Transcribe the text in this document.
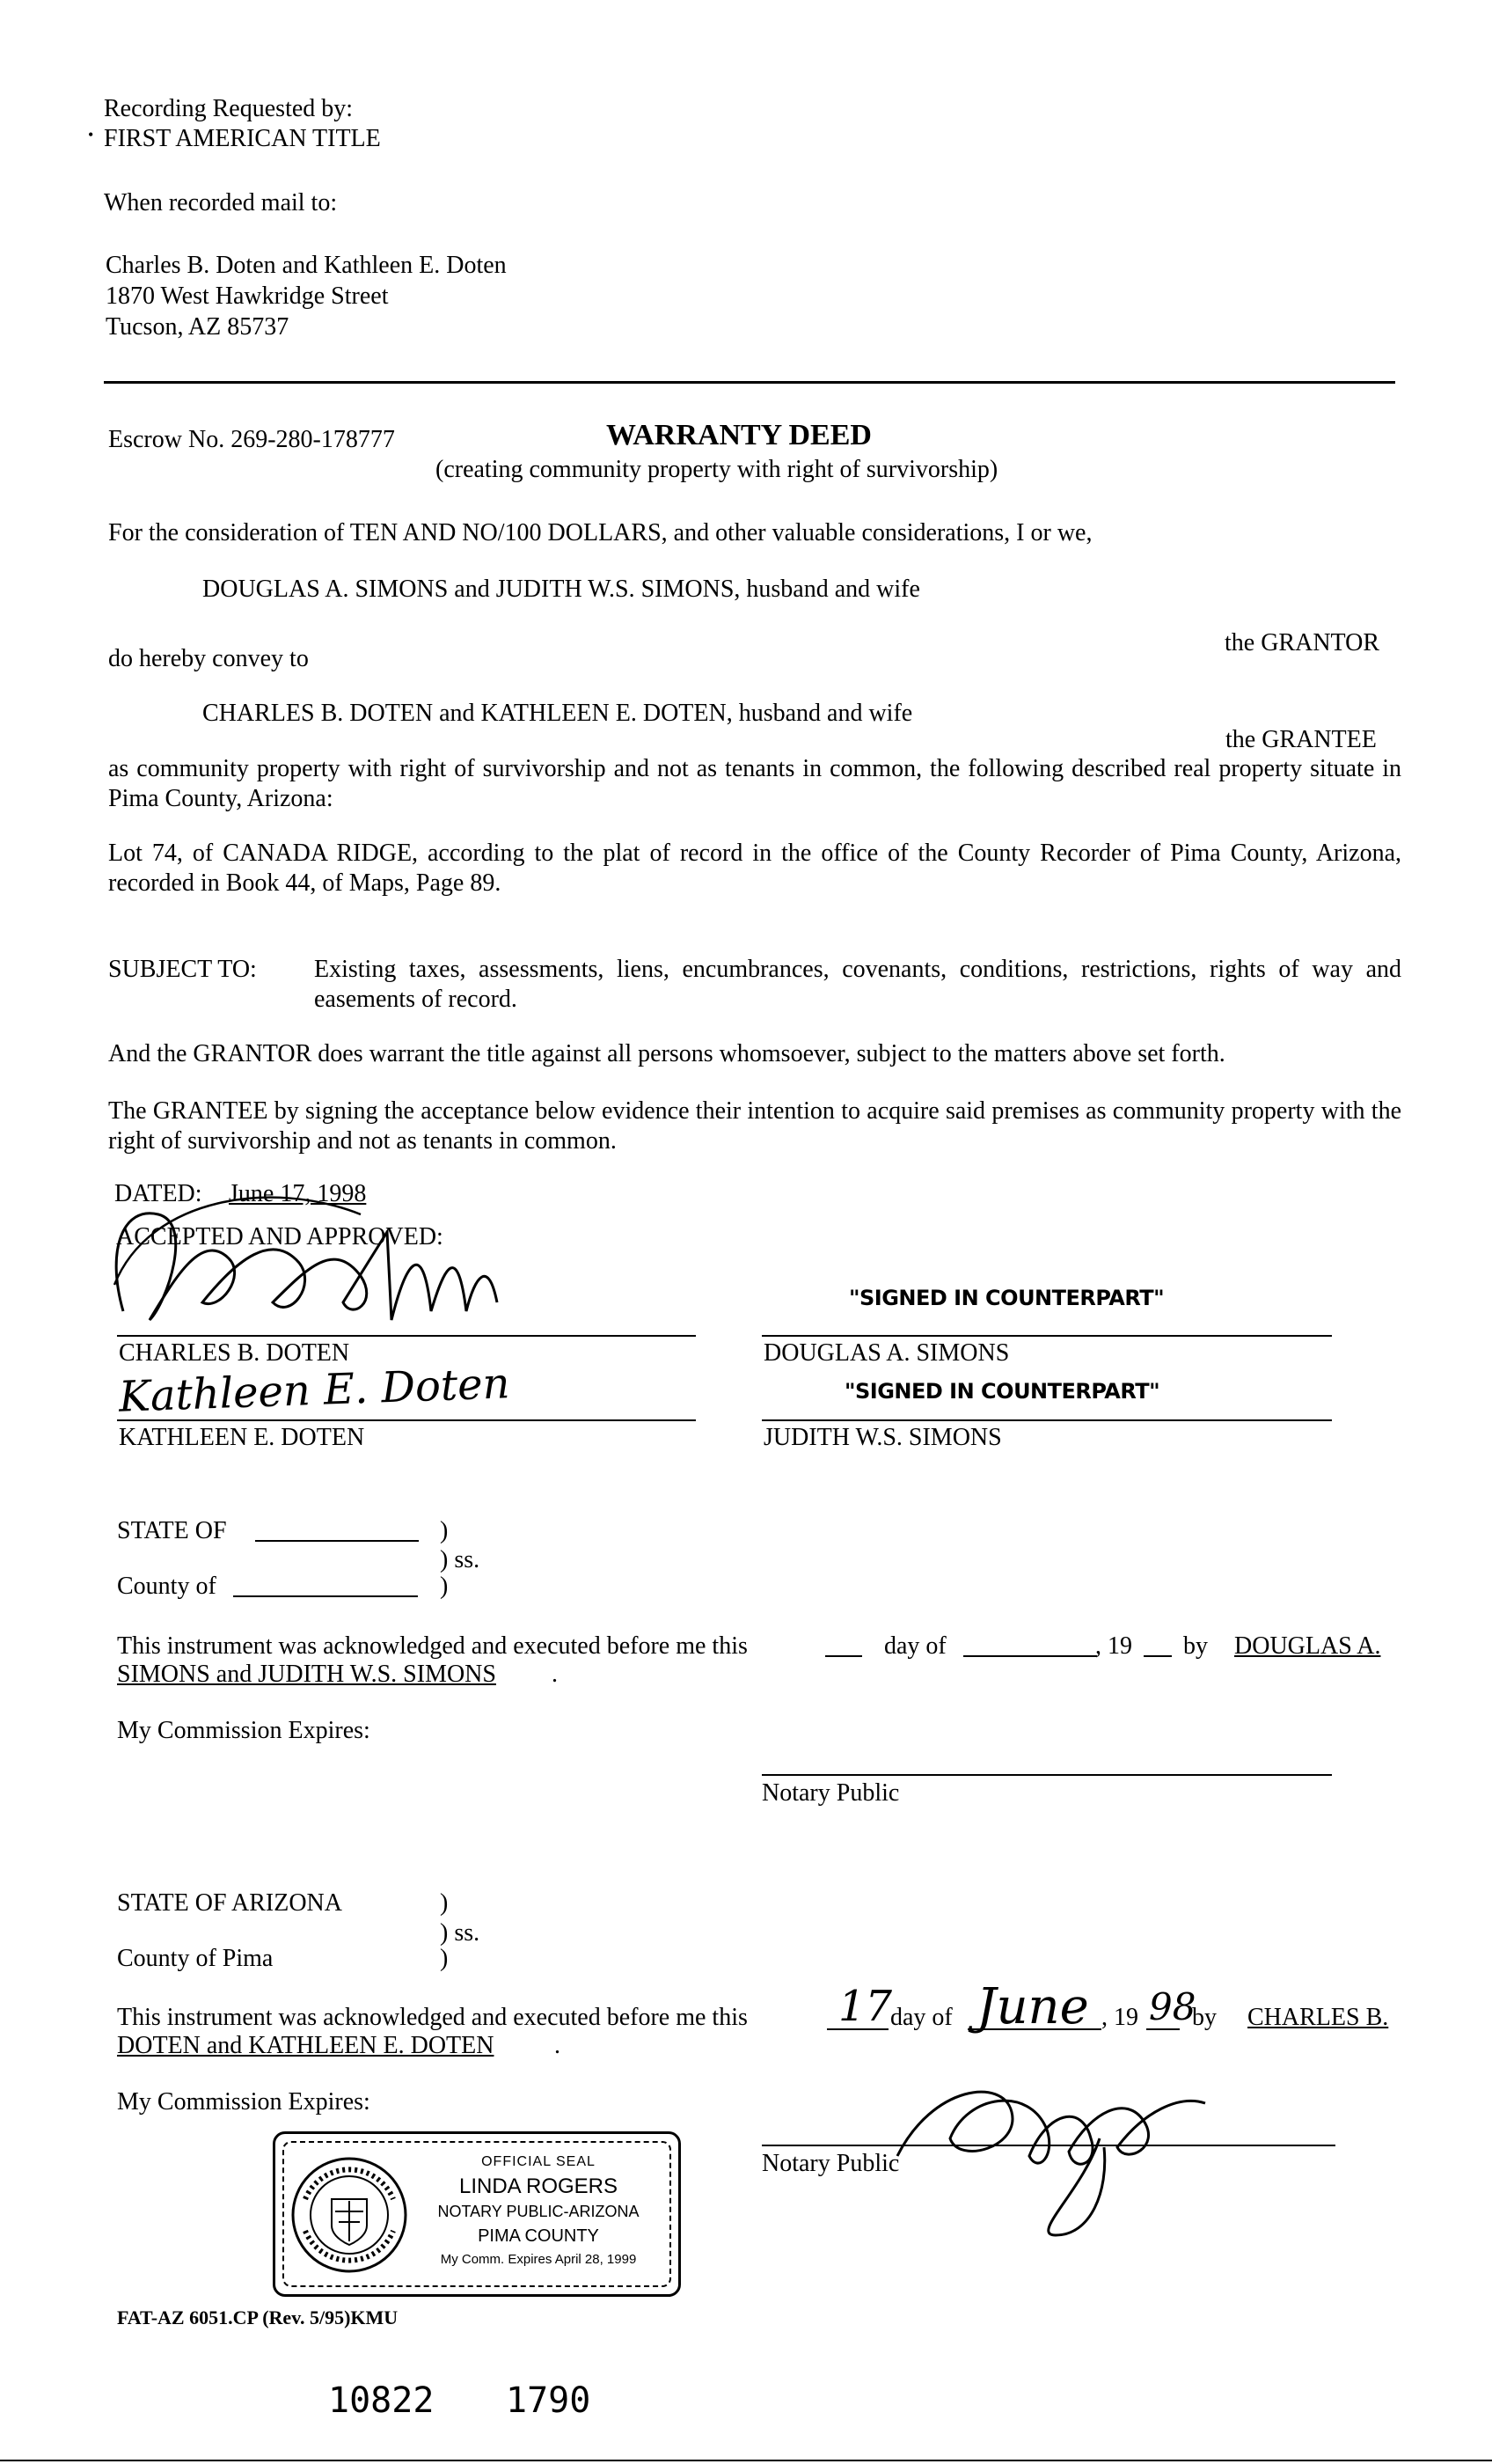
Recording Requested by:
• FIRST AMERICAN TITLE
When recorded mail to:
Charles B. Doten and Kathleen E. Doten
1870 West Hawkridge Street
Tucson, AZ 85737
Escrow No. 269-280-178777	WARRANTY DEED
(creating community property with right of survivorship)
For the consideration of TEN AND NO/100 DOLLARS, and other valuable considerations, I or we,
DOUGLAS A. SIMONS and JUDITH W.S. SIMONS, husband and wife
the GRANTOR
do hereby convey to
CHARLES B. DOTEN and KATHLEEN E. DOTEN, husband and wife
the GRANTEE
as community property with right of survivorship and not as tenants in common, the following described real property situate in Pima County, Arizona:
Lot 74, of CANADA RIDGE, according to the plat of record in the office of the County Recorder of Pima County, Arizona, recorded in Book 44, of Maps, Page 89.
SUBJECT TO: Existing taxes, assessments, liens, encumbrances, covenants, conditions, restrictions, rights of way and easements of record.
And the GRANTOR does warrant the title against all persons whomsoever, subject to the matters above set forth.
The GRANTEE by signing the acceptance below evidence their intention to acquire said premises as community property with the right of survivorship and not as tenants in common.
DATED: June 17, 1998
ACCEPTED AND APPROVED:
CHARLES B. DOTEN
Kathleen E. Doten
KATHLEEN E. DOTEN
"SIGNED IN COUNTERPART"
DOUGLAS A. SIMONS
"SIGNED IN COUNTERPART"
JUDITH W.S. SIMONS
STATE OF	)
) ss.
County of	)
This instrument was acknowledged and executed before me this	day of	, 19 by DOUGLAS A.
SIMONS and JUDITH W.S. SIMONS .
My Commission Expires:
Notary Public
STATE OF ARIZONA	)
) ss.
County of Pima	)
This instrument was acknowledged and executed before me this 17
day of June , 19 98
by CHARLES B.
DOTEN and KATHLEEN E. DOTEN .
My Commission Expires:
Notary Public
OFFICIAL SEAL
LINDA ROGERS
NOTARY PUBLIC-ARIZONA
PIMA COUNTY
My Comm. Expires April 28, 1999
FAT-AZ 6051.CP (Rev. 5/95)KMU
10822 1790
